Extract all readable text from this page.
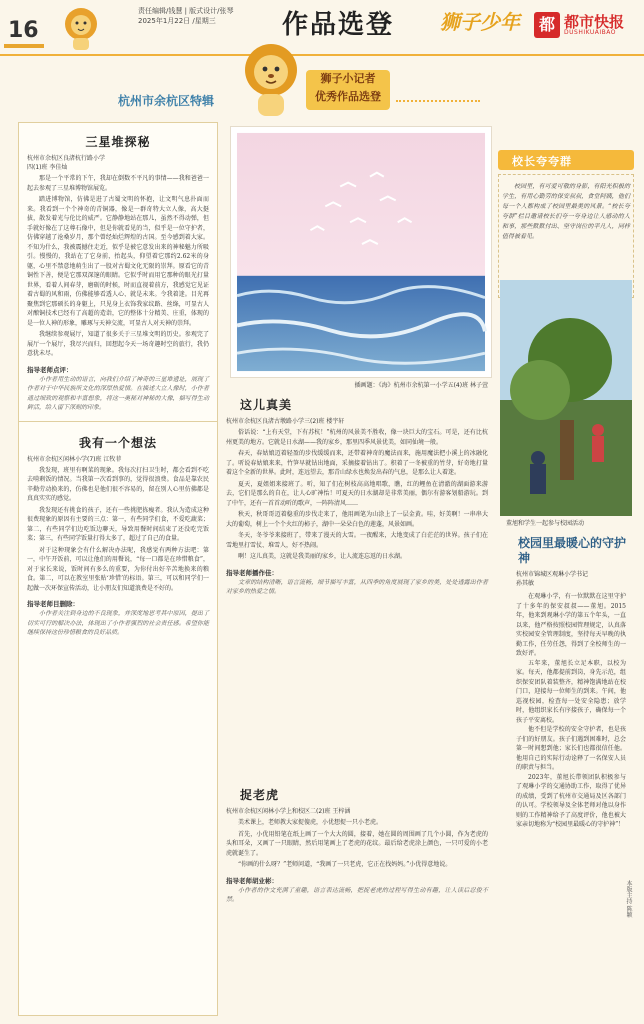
16
责任编辑/钱慧 | 版式设计/张琴
2025年1月22日 /星期三	作品选登 狮子少年	都 都市快报
DUSHIKUAIBAO
杭州市余杭区特辑
狮子小记者
优秀作品选登
三星堆探秘
杭州市余杭区良渚杭行路小学
四(1)班 李佳灿

那是一个平常的下午，我却在倒数不平凡的事情——我和爸爸一起去参观了三星堆博物馆展览。

踏进博物馆，仿佛是进了古蜀文明的怀抱，让文明气息扑面而来。我看到一个个神奇的青铜器，像是一群奇特大立人像，高大挺拔，散发着光与伦比的威严。它静静地站在那儿，虽然不得动弹，但手就好像在了这尊石像中，但是你就看见的当，似乎是一位守护者，仿佛穿越了沧桑岁月，那个曾经灿烂辉煌的古国。至今感到着大家。不知为什么，我被震撼住走近，似乎是被它意发出来的神秘魅力所吸引。慢慢的，我站在了它身前，抬起头，仰望着它那约2.62米的身躯，心里不禁意地萌生出了一股对古蜀文化无限的崇拜。原看它的青铜性下善，便是它那双深邃的眼睛。它似乎时而用它那种的眼光打量世界，看着人间春芽，磨砺的时候，时而直视着前方，我感觉它见证着古蜀的风和雨，仿佛能够看透人心、就是未来。令我着迷。目光再聚焦到它那硕长的身躯上，只见身上衣饰我家纹路、丝绦，可显古人对酿铜技术已经有了高超的造诣，它的整体十分精美、庄重，体现的是一位人神的形象，雕琢与天神交流，可显古人对天神的崇拜。

我继续参观展厅，知道了很多关于三星堆文明的历史。参观完了展厅一个展厅，我尽兴而归，回想起今天一场奇趣时空的旅行，我仍意犹未尽。

指导老师点评：

小作者用生动的语言，向我们介绍了神奇的三星堆遗址，展现了作者对于中华民族所文化的深厚热爱情。在描述大立人像时，小作者通过细致的观察和丰富想象，将这一奥秘对神秘的大像，描写得生动鲜活，给人留下深刻的印象。

我有一个想法
杭州市余杭区闲林小学(7)班 江牧菲

我发现，班里有啊菜的现象。我每次打扫卫生时，都会看到不吃去啃剩饭的情况。当我第一次看到事的，觉得很浪费。食品是靠农民辛勤劳动换来的，仿佛也是他们很不容易的，留在别人心里仿佛都是真真实实的感觉。

我发现还有挑食的孩子，还有一些挑肥拣瘦者。我认为造成这种很费现象的原因有主要的三点：第一，有些同学们食，不爱吃蔬菜；第二，有些同学们边吃饭边聊天，导致用餐时间结束了还没吃完饭菜；第三，有些同学饭量打得太多了，超过了自己的食量。

对于这种现象会有什么解决办法呢，我感觉有两种方法吧：第一，中午开饭前，可以让他们的用餐说，“每一口都是在珍惜粮食”，对于家长来说，饭时间有多么的重要，为你付出好辛苦地换来的粮食。第二，可以在教室里张贴‘珍惜’的标语。第三，可以和同学们一起做一次环保宣传活动，让小朋友们知道浪费是不好的。

指导老师目删除：

小作者关注到身边的不良现象，并深度地思考其中原因，提出了切实可行的解决办法，体现出了小作者强烈的社会责任感。希望你能继续保持这份珍惜粮食的良好品质。

插画题：《海》杭州市余杭第一小学五(4)班 林子萱
这儿真美
杭州市余杭区良渚古墩路小学三(2)班 楼宇轩

俗话说：“上有天堂，下有苏杭！”杭州的风景美不胜收，像一块巨大的宝石。可是，还有比杭州更美的地方。它就是日水湖——我的家乡，那里四季风景优美，如同仙境一般。

春天，春姑娘迈着轻盈的步伐缓缓而来，还带着神奇的魔法而来，施用魔法把小溪上的冰融化了。听说春姑娘来来，竹笋早就钻出地面，采摘接着钻出了。积着了一冬被重的竹芽，好奇地打量着这个全新的世界。此时，连远望去，那青山绿水也焕发出春的气息，是那么让人着迷。

夏天，夏姐姐来接班了。听，知了们在树枝高高地唱歌，瞧，红的鲤鱼在清澈的湖面游来游去，它们是那么的自在，让人心旷神怡！可夏天的日水湖却是非常美丽，偶尔有游客划船游玩。到了中午，还有一首首动听的歌声，一阵阵清风……

秋天，秋哥哥迈着稳重的步伐走来了，他用画笔为山涂上了一层金黄。哇，好美啊！一串串大大的葡萄，树上一个个火红的柿子，湖中一朵朵白色的莲蓬，风景如画。

冬天，冬爷爷来接班了，带来了漫天的大雪。一夜醒来，大地变成了白茫茫的世界。孩子们在雪地里打雪仗、堆雪人，好不热闹。

啊！这儿真美，这就是我美丽的家乡，让人流连忘返的日水湖。

指导老师播作佳：

文章的结构清晰，语言流畅，细节描写丰富，从四季的角度展现了家乡的美，处处透露出作者对家乡的热爱之情。

捉老虎
杭州市余杭区闲林小学上和校区二(2)班 王梓涵

美术课上，老师教大家捉傻虎，小优想捉一只小老虎。

首先，小优用铅笔在纸上画了一个大大的圆，接着，她在圆的周围画了几个小圆，作为老虎的头和耳朵，又画了一只眼睛，然后用笔画上了老虎的花纹。最后给老虎涂上颜色，一只可爱的小老虎就诞生了。

“你画的什么呀？”老师问道，“我画了一只老虎，它正在找妈妈。”小优得意地说。

指导老师胡业彬：

小作者的作文充满了童趣，语言表达流畅，把捉老虎的过程写得生动有趣，让人读后忍俊不禁。

校长夸夸群
校园里，有可爱可敬的身影，有阳光积极的学生，有用心勤劳的保安叔叔，食堂阿姨，他们每一个人都构成了校园里最美的风景。“校长夸夸群”栏目邀请校长们夸一夸身边让人感动的人和事，那些默默付出、坚守岗位的平凡人，同样值得被看见。
董旭和学生一起参与校园活动
校园里最暖心的守护神
杭州市锦城区观琳小学书记
孙其敏

在观琳小学，有一位默默在这里守护了十多年的保安叔叔——董旭。2015年，他来到观琳小学的第五个年头，一直以来，他严格按照校园管理规定，认真落实校园安全管理制度，坚持每天早晚的执勤工作，任劳任怨，得到了全校师生的一致好评。

五年来，董旭长立足本职，以校为家。每天，他都提前到岗，身先示范，组织保安团队着装整齐，精神饱满地站在校门口，迎接每一位师生的到来。午间，他巡视校园，检查每一处安全隐患；放学时，他组织家长有序接孩子，确保每一个孩子平安离校。

他不但是学校的安全守护者，也是孩子们的好朋友。孩子们遇到困难时，总会第一时间想到他；家长们也都很信任他。他用自己的实际行动诠释了一名保安人员的职责与担当。

2023年，董旭长带领团队积极参与了观琳小学的交通协助工作，取得了优异的成绩，受到了杭州市交通局及区各部门的认可。学校领导及全体老师对他以身作则的工作精神给予了高度评价，他也被大家亲切地称为“校园里最暖心的守护神”！

本版主持 陈颖
